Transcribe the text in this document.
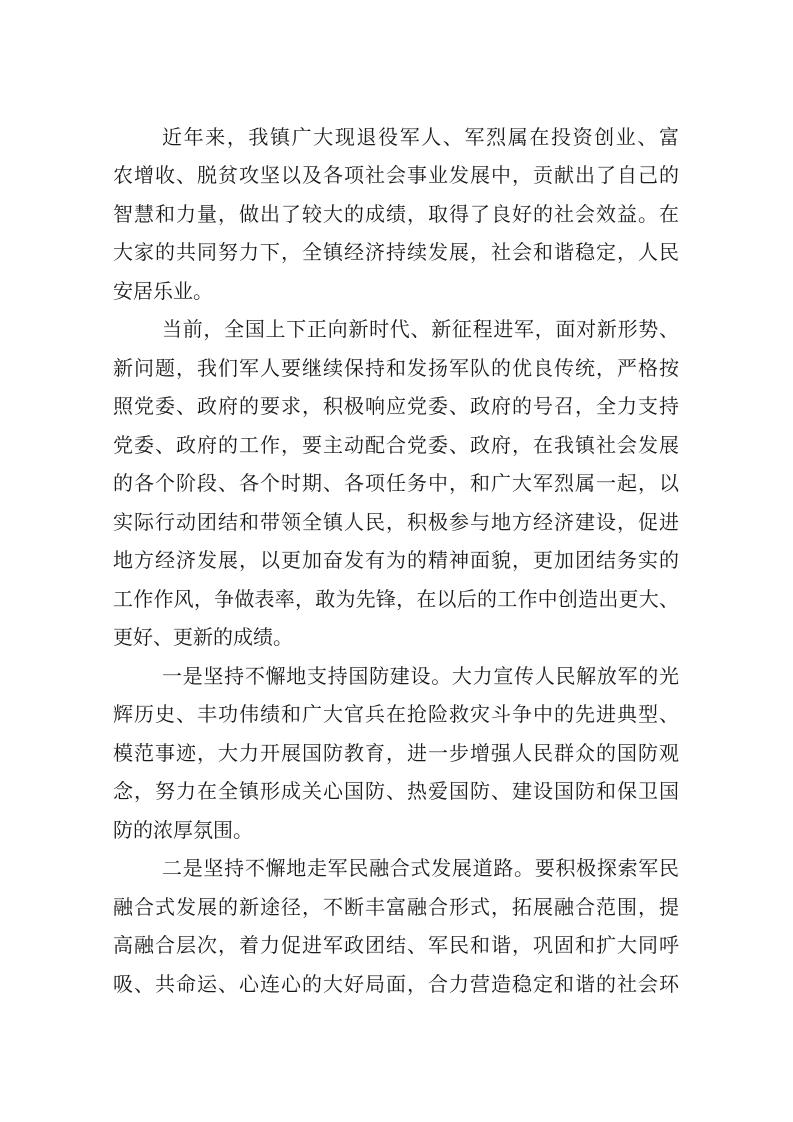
近年来，我镇广大现退役军人、军烈属在投资创业、富
农增收、脱贫攻坚以及各项社会事业发展中，贡献出了自己的
智慧和力量，做出了较大的成绩，取得了良好的社会效益。在
大家的共同努力下，全镇经济持续发展，社会和谐稳定，人民
安居乐业。
当前，全国上下正向新时代、新征程进军，面对新形势、
新问题，我们军人要继续保持和发扬军队的优良传统，严格按
照党委、政府的要求，积极响应党委、政府的号召，全力支持
党委、政府的工作，要主动配合党委、政府，在我镇社会发展
的各个阶段、各个时期、各项任务中，和广大军烈属一起，以
实际行动团结和带领全镇人民，积极参与地方经济建设，促进
地方经济发展，以更加奋发有为的精神面貌，更加团结务实的
工作作风，争做表率，敢为先锋，在以后的工作中创造出更大、
更好、更新的成绩。
一是坚持不懈地支持国防建设。大力宣传人民解放军的光
辉历史、丰功伟绩和广大官兵在抢险救灾斗争中的先进典型、
模范事迹，大力开展国防教育，进一步增强人民群众的国防观
念，努力在全镇形成关心国防、热爱国防、建设国防和保卫国
防的浓厚氛围。
二是坚持不懈地走军民融合式发展道路。要积极探索军民
融合式发展的新途径，不断丰富融合形式，拓展融合范围，提
高融合层次，着力促进军政团结、军民和谐，巩固和扩大同呼
吸、共命运、心连心的大好局面，合力营造稳定和谐的社会环
